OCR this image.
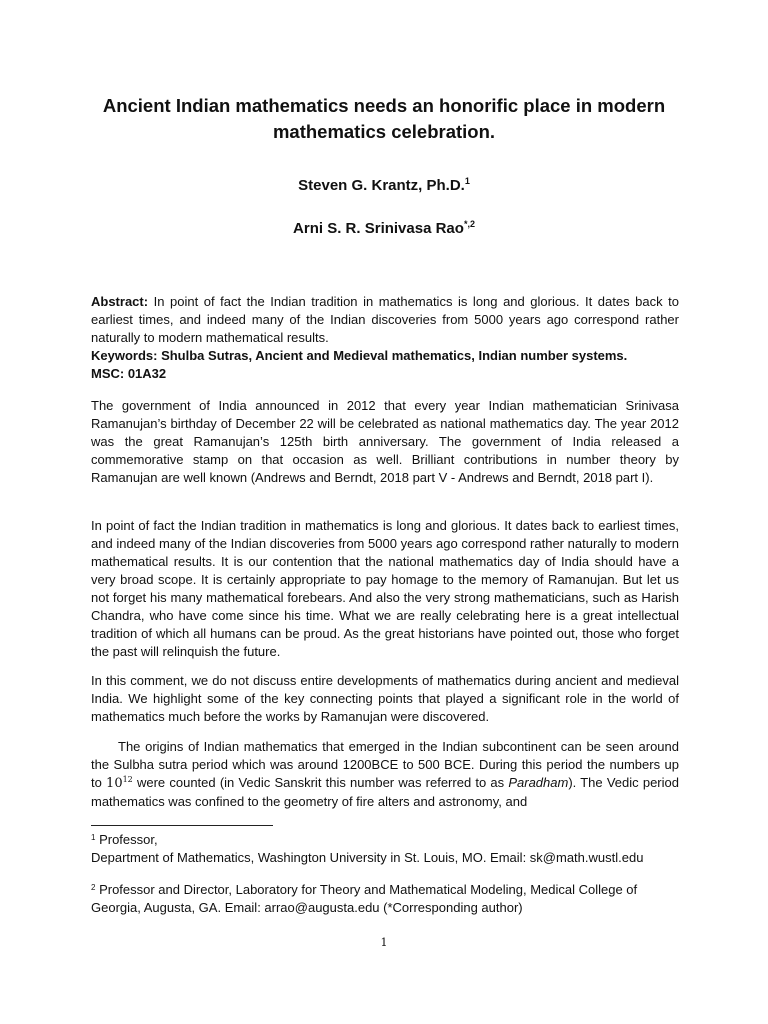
Ancient Indian mathematics needs an honorific place in modern mathematics celebration.
Steven G. Krantz, Ph.D.$^1$
Arni S. R. Srinivasa Rao$^{*,2}$

Abstract: In point of fact the Indian tradition in mathematics is long and glorious. It dates back to earliest times, and indeed many of the Indian discoveries from 5000 years ago correspond rather naturally to modern mathematical results.

Keywords: Shulba Sutras, Ancient and Medieval mathematics, Indian number systems.

MSC: 01A32

The government of India announced in 2012 that every year Indian mathematician Srinivasa Ramanujan’s birthday of December 22 will be celebrated as national mathematics day. The year 2012 was the great Ramanujan’s 125th birth anniversary. The government of India released a commemorative stamp on that occasion as well. Brilliant contributions in number theory by Ramanujan are well known (Andrews and Berndt, 2018 part V - Andrews and Berndt, 2018 part I).

In point of fact the Indian tradition in mathematics is long and glorious. It dates back to earliest times, and indeed many of the Indian discoveries from 5000 years ago correspond rather naturally to modern mathematical results. It is our contention that the national mathematics day of India should have a very broad scope. It is certainly appropriate to pay homage to the memory of Ramanujan. But let us not forget his many mathematical forebears. And also the very strong mathematicians, such as Harish Chandra, who have come since his time. What we are really celebrating here is a great intellectual tradition of which all humans can be proud. As the great historians have pointed out, those who forget the past will relinquish the future.

In this comment, we do not discuss entire developments of mathematics during ancient and medieval India. We highlight some of the key connecting points that played a significant role in the world of mathematics much before the works by Ramanujan were discovered.

The origins of Indian mathematics that emerged in the Indian subcontinent can be seen around the Sulbha sutra period which was around 1200BCE to 500 BCE. During this period the numbers up to $10^{12}$ were counted (in Vedic Sanskrit this number was referred to as Paradham). The Vedic period mathematics was confined to the geometry of fire alters and astronomy, and

$^1$ Professor,
Department of Mathematics, Washington University in St. Louis, MO. Email: sk@math.wustl.edu
$^2$ Professor and Director, Laboratory for Theory and Mathematical Modeling, Medical College of Georgia, Augusta, GA. Email: arrao@augusta.edu (*Corresponding author)
1
